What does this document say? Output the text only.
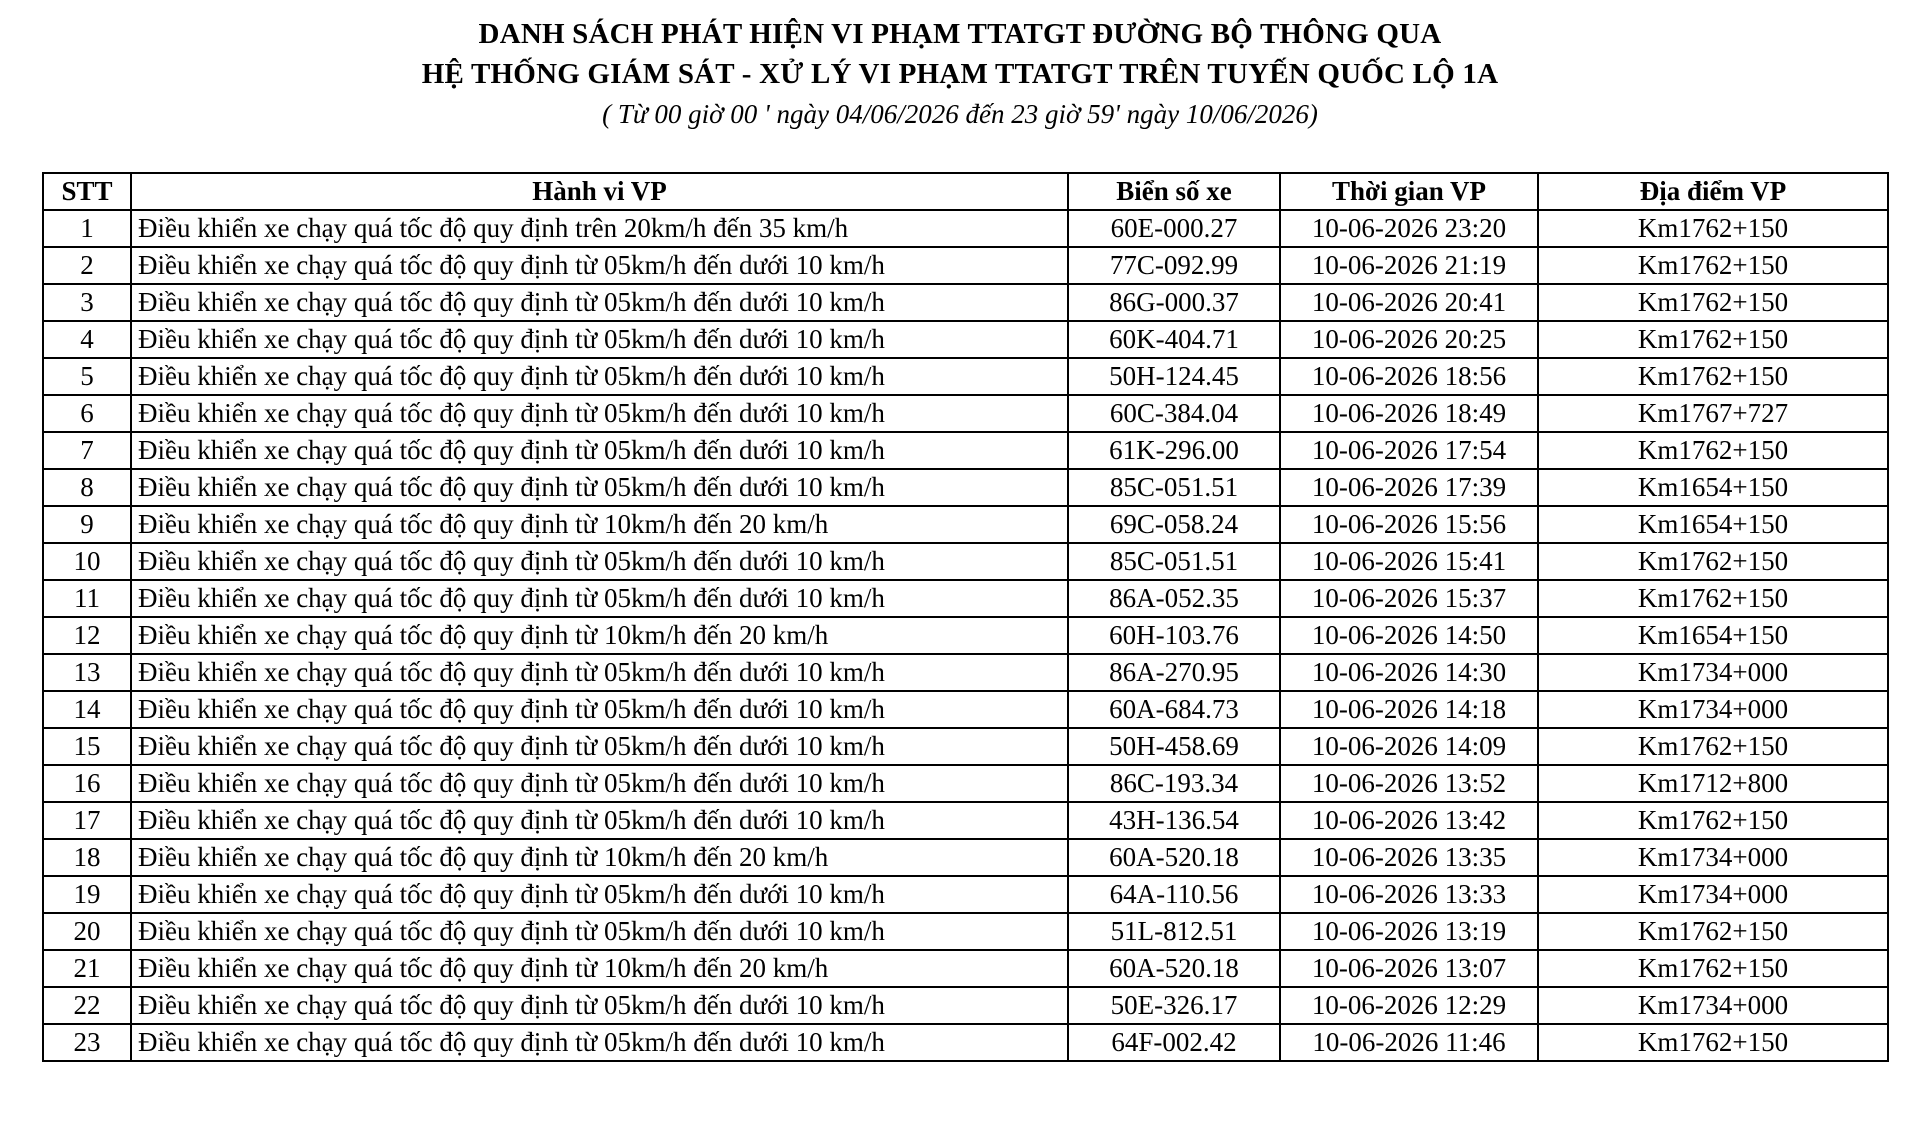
DANH SÁCH PHÁT HIỆN VI PHẠM TTATGT ĐƯỜNG BỘ THÔNG QUA
HỆ THỐNG GIÁM SÁT - XỬ LÝ VI PHẠM TTATGT TRÊN TUYẾN QUỐC LỘ 1A
( Từ 00 giờ 00 ' ngày 04/06/2026 đến 23 giờ 59' ngày 10/06/2026)
STT	Hành vi VP	Biển số xe	Thời gian VP	Địa điểm VP
1	Điều khiển xe chạy quá tốc độ quy định trên 20km/h đến 35 km/h	60E-000.27	10-06-2026 23:20	Km1762+150
2	Điều khiển xe chạy quá tốc độ quy định từ 05km/h đến dưới 10 km/h	77C-092.99	10-06-2026 21:19	Km1762+150
3	Điều khiển xe chạy quá tốc độ quy định từ 05km/h đến dưới 10 km/h	86G-000.37	10-06-2026 20:41	Km1762+150
4	Điều khiển xe chạy quá tốc độ quy định từ 05km/h đến dưới 10 km/h	60K-404.71	10-06-2026 20:25	Km1762+150
5	Điều khiển xe chạy quá tốc độ quy định từ 05km/h đến dưới 10 km/h	50H-124.45	10-06-2026 18:56	Km1762+150
6	Điều khiển xe chạy quá tốc độ quy định từ 05km/h đến dưới 10 km/h	60C-384.04	10-06-2026 18:49	Km1767+727
7	Điều khiển xe chạy quá tốc độ quy định từ 05km/h đến dưới 10 km/h	61K-296.00	10-06-2026 17:54	Km1762+150
8	Điều khiển xe chạy quá tốc độ quy định từ 05km/h đến dưới 10 km/h	85C-051.51	10-06-2026 17:39	Km1654+150
9	Điều khiển xe chạy quá tốc độ quy định từ 10km/h đến 20 km/h	69C-058.24	10-06-2026 15:56	Km1654+150
10	Điều khiển xe chạy quá tốc độ quy định từ 05km/h đến dưới 10 km/h	85C-051.51	10-06-2026 15:41	Km1762+150
11	Điều khiển xe chạy quá tốc độ quy định từ 05km/h đến dưới 10 km/h	86A-052.35	10-06-2026 15:37	Km1762+150
12	Điều khiển xe chạy quá tốc độ quy định từ 10km/h đến 20 km/h	60H-103.76	10-06-2026 14:50	Km1654+150
13	Điều khiển xe chạy quá tốc độ quy định từ 05km/h đến dưới 10 km/h	86A-270.95	10-06-2026 14:30	Km1734+000
14	Điều khiển xe chạy quá tốc độ quy định từ 05km/h đến dưới 10 km/h	60A-684.73	10-06-2026 14:18	Km1734+000
15	Điều khiển xe chạy quá tốc độ quy định từ 05km/h đến dưới 10 km/h	50H-458.69	10-06-2026 14:09	Km1762+150
16	Điều khiển xe chạy quá tốc độ quy định từ 05km/h đến dưới 10 km/h	86C-193.34	10-06-2026 13:52	Km1712+800
17	Điều khiển xe chạy quá tốc độ quy định từ 05km/h đến dưới 10 km/h	43H-136.54	10-06-2026 13:42	Km1762+150
18	Điều khiển xe chạy quá tốc độ quy định từ 10km/h đến 20 km/h	60A-520.18	10-06-2026 13:35	Km1734+000
19	Điều khiển xe chạy quá tốc độ quy định từ 05km/h đến dưới 10 km/h	64A-110.56	10-06-2026 13:33	Km1734+000
20	Điều khiển xe chạy quá tốc độ quy định từ 05km/h đến dưới 10 km/h	51L-812.51	10-06-2026 13:19	Km1762+150
21	Điều khiển xe chạy quá tốc độ quy định từ 10km/h đến 20 km/h	60A-520.18	10-06-2026 13:07	Km1762+150
22	Điều khiển xe chạy quá tốc độ quy định từ 05km/h đến dưới 10 km/h	50E-326.17	10-06-2026 12:29	Km1734+000
23	Điều khiển xe chạy quá tốc độ quy định từ 05km/h đến dưới 10 km/h	64F-002.42	10-06-2026 11:46	Km1762+150
